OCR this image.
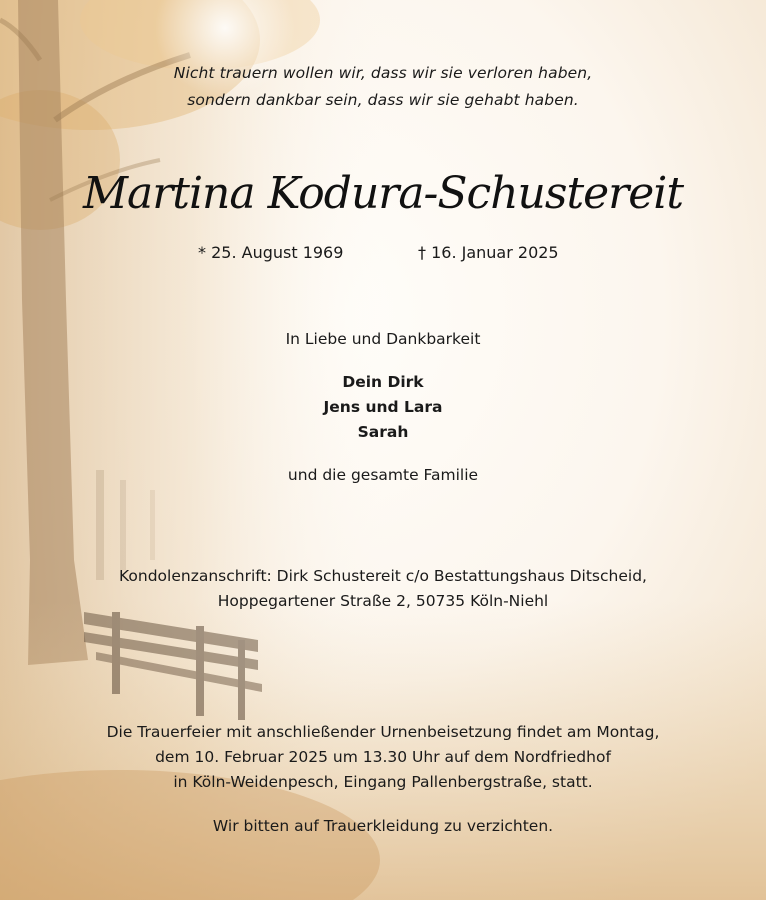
Nicht trauern wollen wir, dass wir sie verloren haben,
sondern dankbar sein, dass wir sie gehabt haben.
Martina Kodura-Schustereit
* 25. August 1969	† 16. Januar 2025
In Liebe und Dankbarkeit
Dein Dirk
Jens und Lara
Sarah
und die gesamte Familie
Kondolenzanschrift: Dirk Schustereit c/o Bestattungshaus Ditscheid,
Hoppegartener Straße 2, 50735 Köln-Niehl
Die Trauerfeier mit anschließender Urnenbeisetzung findet am Montag,
dem 10. Februar 2025 um 13.30 Uhr auf dem Nordfriedhof
in Köln-Weidenpesch, Eingang Pallenbergstraße, statt.
Wir bitten auf Trauerkleidung zu verzichten.
